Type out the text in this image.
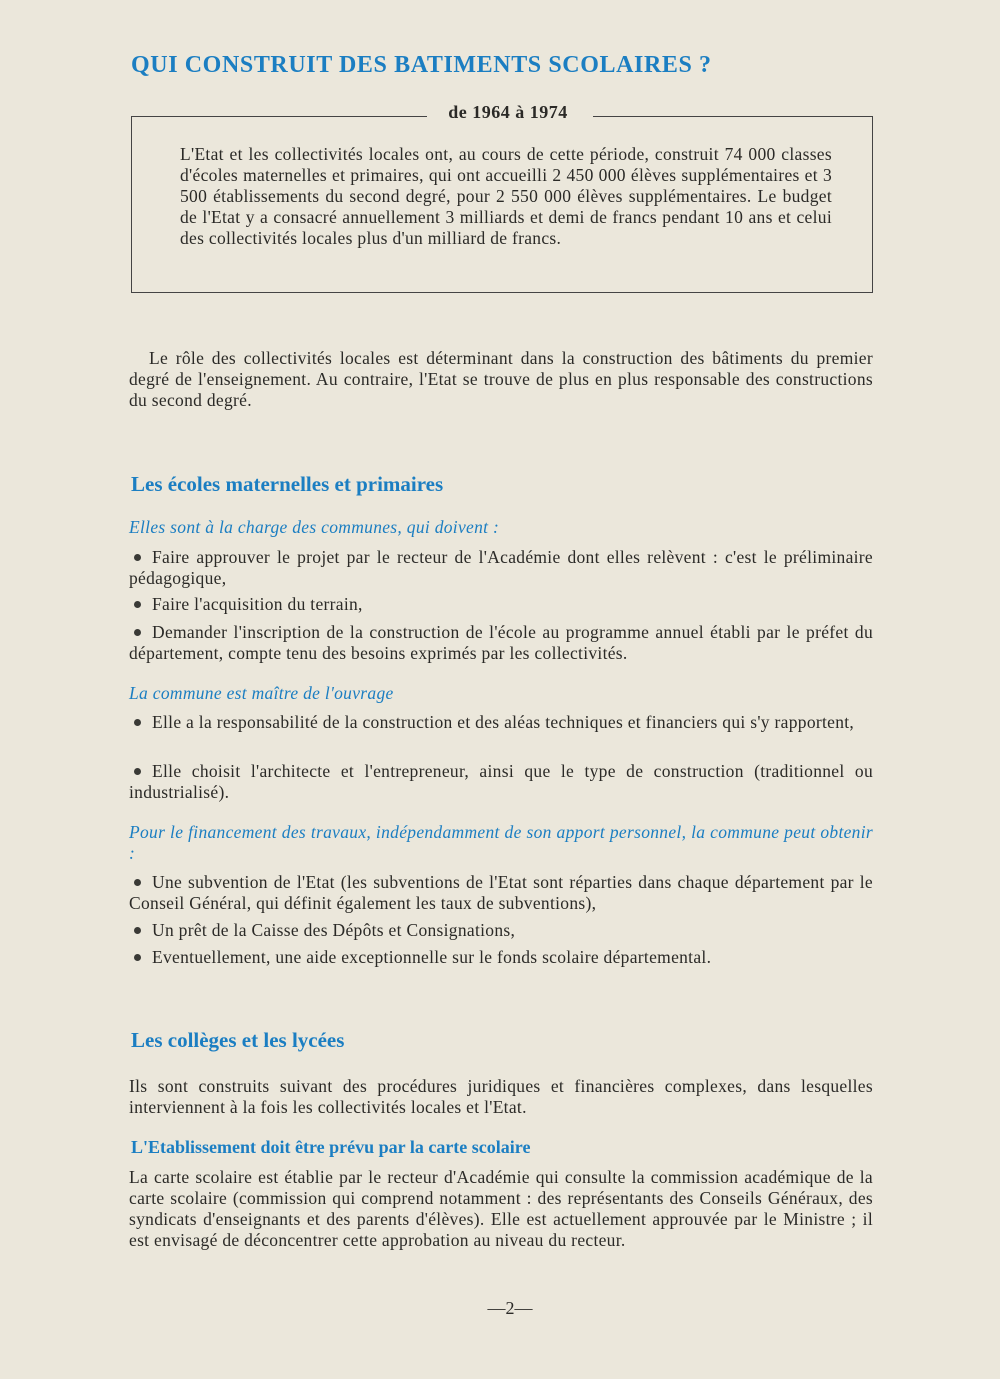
QUI CONSTRUIT DES BATIMENTS SCOLAIRES ?
de 1964 à 1974

L'Etat et les collectivités locales ont, au cours de cette période, construit 74 000 classes d'écoles maternelles et primaires, qui ont accueilli 2 450 000 élèves supplémentaires et 3 500 établissements du second degré, pour 2 550 000 élèves supplémentaires. Le budget de l'Etat y a consacré annuellement 3 milliards et demi de francs pendant 10 ans et celui des collectivités locales plus d'un milliard de francs.

Le rôle des collectivités locales est déterminant dans la construction des bâtiments du premier degré de l'enseignement. Au contraire, l'Etat se trouve de plus en plus responsable des constructions du second degré.

Les écoles maternelles et primaires

Elles sont à la charge des communes, qui doivent :

Faire approuver le projet par le recteur de l'Académie dont elles relèvent : c'est le préliminaire pédagogique,

Faire l'acquisition du terrain,

Demander l'inscription de la construction de l'école au programme annuel établi par le préfet du département, compte tenu des besoins exprimés par les collectivités.

La commune est maître de l'ouvrage

Elle a la responsabilité de la construction et des aléas techniques et financiers qui s'y rapportent,

Elle choisit l'architecte et l'entrepreneur, ainsi que le type de construction (traditionnel ou industrialisé).

Pour le financement des travaux, indépendamment de son apport personnel, la commune peut obtenir :

Une subvention de l'Etat (les subventions de l'Etat sont réparties dans chaque département par le Conseil Général, qui définit également les taux de subventions),

Un prêt de la Caisse des Dépôts et Consignations,

Eventuellement, une aide exceptionnelle sur le fonds scolaire départemental.

Les collèges et les lycées

Ils sont construits suivant des procédures juridiques et financières complexes, dans lesquelles interviennent à la fois les collectivités locales et l'Etat.

L'Etablissement doit être prévu par la carte scolaire

La carte scolaire est établie par le recteur d'Académie qui consulte la commission académique de la carte scolaire (commission qui comprend notamment : des représentants des Conseils Généraux, des syndicats d'enseignants et des parents d'élèves). Elle est actuellement approuvée par le Ministre ; il est envisagé de déconcentrer cette approbation au niveau du recteur.

—2—
